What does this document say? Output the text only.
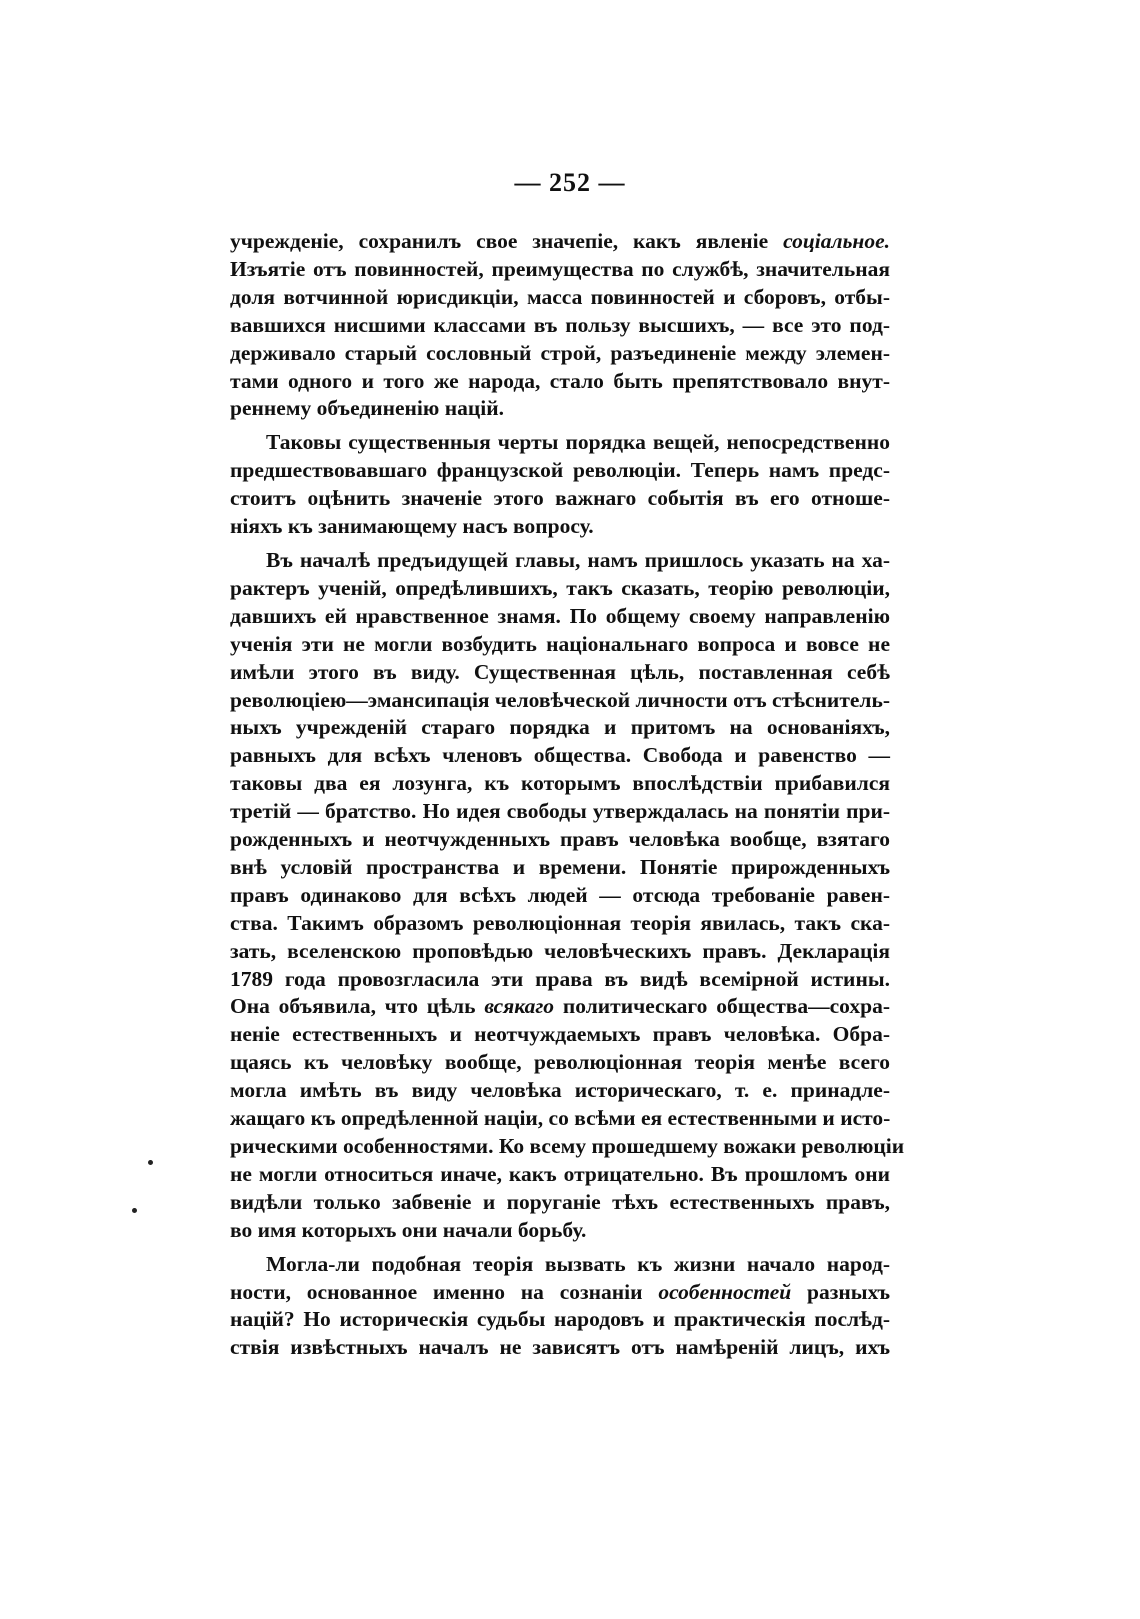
— 252 —
учрежденіе, сохранилъ свое значепіе, какъ явленіе соціальное.
Изъятіе отъ повинностей, преимущества по службѣ, значительная
доля вотчинной юрисдикціи, масса повинностей и сборовъ, отбы-
вавшихся нисшими классами въ пользу высшихъ, — все это под-
держивало старый сословный строй, разъединеніе между элемен-
тами одного и того же народа, стало быть препятствовало внут-
реннему объединенію націй.
Таковы существенныя черты порядка вещей, непосредственно
предшествовавшаго французской революціи. Теперь намъ предс-
стоитъ оцѣнить значеніе этого важнаго событія въ его отноше-
ніяхъ къ занимающему насъ вопросу.
Въ началѣ предъидущей главы, намъ пришлось указать на ха-
рактеръ ученій, опредѣлившихъ, такъ сказать, теорію революціи,
давшихъ ей нравственное знамя. По общему своему направленію
ученія эти не могли возбудить національнаго вопроса и вовсе не
имѣли этого въ виду. Существенная цѣль, поставленная себѣ
революціею—эмансипація человѣческой личности отъ стѣснитель-
ныхъ учрежденій стараго порядка и притомъ на основаніяхъ,
равныхъ для всѣхъ членовъ общества. Свобода и равенство —
таковы два ея лозунга, къ которымъ впослѣдствіи прибавился
третій — братство. Но идея свободы утверждалась на понятіи при-
рожденныхъ и неотчужденныхъ правъ человѣка вообще, взятаго
внѣ условій пространства и времени. Понятіе прирожденныхъ
правъ одинаково для всѣхъ людей — отсюда требованіе равен-
ства. Такимъ образомъ революціонная теорія явилась, такъ ска-
зать, вселенскою проповѣдью человѣческихъ правъ. Декларація
1789 года провозгласила эти права въ видѣ всемірной истины.
Она объявила, что цѣль всякаго политическаго общества—сохра-
неніе естественныхъ и неотчуждаемыхъ правъ человѣка. Обра-
щаясь къ человѣку вообще, революціонная теорія менѣе всего
могла имѣть въ виду человѣка историческаго, т. е. принадле-
жащаго къ опредѣленной націи, со всѣми ея естественными и исто-
рическими особенностями. Ко всему прошедшему вожаки революціи
не могли относиться иначе, какъ отрицательно. Въ прошломъ они
видѣли только забвеніе и поруганіе тѣхъ естественныхъ правъ,
во имя которыхъ они начали борьбу.
Могла-ли подобная теорія вызвать къ жизни начало народ-
ности, основанное именно на сознаніи особенностей разныхъ
націй? Но историческія судьбы народовъ и практическія послѣд-
ствія извѣстныхъ началъ не зависятъ отъ намѣреній лицъ, ихъ
